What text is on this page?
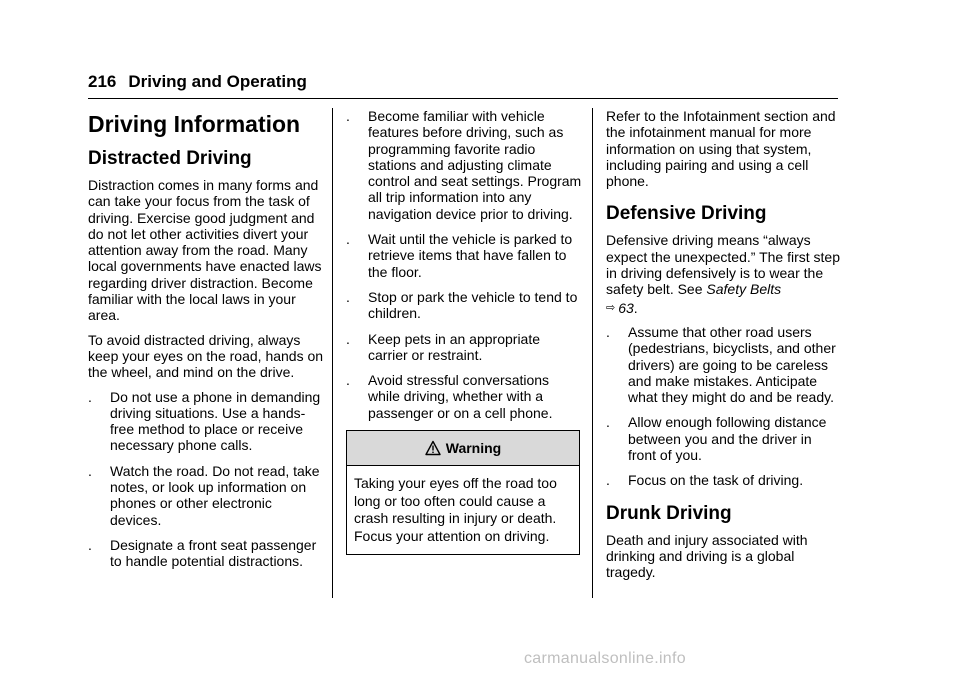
216 Driving and Operating
Driving Information
Distracted Driving

Distraction comes in many forms and can take your focus from the task of driving. Exercise good judgment and do not let other activities divert your attention away from the road. Many local governments have enacted laws regarding driver distraction. Become familiar with the local laws in your area.

To avoid distracted driving, always keep your eyes on the road, hands on the wheel, and mind on the drive.

. Do not use a phone in demanding driving situations. Use a hands-free method to place or receive necessary phone calls.
. Watch the road. Do not read, take notes, or look up information on phones or other electronic devices.
. Designate a front seat passenger to handle potential distractions.
. Become familiar with vehicle features before driving, such as programming favorite radio stations and adjusting climate control and seat settings. Program all trip information into any navigation device prior to driving.
. Wait until the vehicle is parked to retrieve items that have fallen to the floor.
. Stop or park the vehicle to tend to children.
. Keep pets in an appropriate carrier or restraint.
. Avoid stressful conversations while driving, whether with a passenger or on a cell phone.
Warning
Taking your eyes off the road too long or too often could cause a crash resulting in injury or death. Focus your attention on driving.

Refer to the Infotainment section and the infotainment manual for more information on using that system, including pairing and using a cell phone.

Defensive Driving

Defensive driving means “always expect the unexpected.” The first step in driving defensively is to wear the safety belt. See Safety Belts

⇨ 63 .

. Assume that other road users (pedestrians, bicyclists, and other drivers) are going to be careless and make mistakes. Anticipate what they might do and be ready.
. Allow enough following distance between you and the driver in front of you.
. Focus on the task of driving.
Drunk Driving

Death and injury associated with drinking and driving is a global tragedy.

carmanualsonline.info
